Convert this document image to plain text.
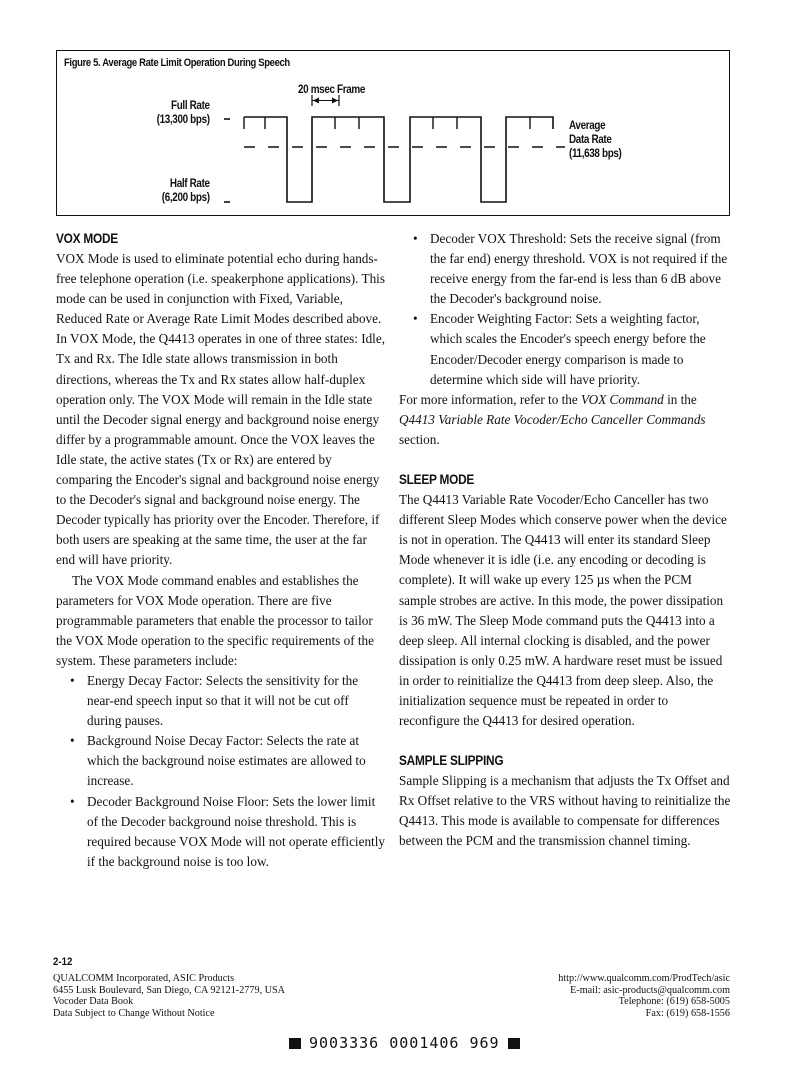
Figure 5. Average Rate Limit Operation During Speech
20 msec Frame
Full Rate
(13,300 bps)
Half Rate
(6,200 bps)
Average
Data Rate
(11,638 bps)
VOX MODE

VOX Mode is used to eliminate potential echo during hands-free telephone operation (i.e. speakerphone applications). This mode can be used in conjunction with Fixed, Variable, Reduced Rate or Average Rate Limit Modes described above. In VOX Mode, the Q4413 operates in one of three states: Idle, Tx and Rx. The Idle state allows transmission in both directions, whereas the Tx and Rx states allow half-duplex operation only. The VOX Mode will remain in the Idle state until the Decoder signal energy and background noise energy differ by a programmable amount. Once the VOX leaves the Idle state, the active states (Tx or Rx) are entered by comparing the Encoder's signal and background noise energy to the Decoder's signal and background noise energy. The Decoder typically has priority over the Encoder. Therefore, if both users are speaking at the same time, the user at the far end will have priority.

The VOX Mode command enables and establishes the parameters for VOX Mode operation. There are five programmable parameters that enable the processor to tailor the VOX Mode operation to the specific requirements of the system. These parameters include:

• Energy Decay Factor: Selects the sensitivity for the near-end speech input so that it will not be cut off during pauses.
• Background Noise Decay Factor: Selects the rate at which the background noise estimates are allowed to increase.
• Decoder Background Noise Floor: Sets the lower limit of the Decoder background noise threshold. This is required because VOX Mode will not operate efficiently if the background noise is too low.
• Decoder VOX Threshold: Sets the receive signal (from the far end) energy threshold. VOX is not required if the receive energy from the far-end is less than 6 dB above the Decoder's background noise.
• Encoder Weighting Factor: Sets a weighting factor, which scales the Encoder's speech energy before the Encoder/Decoder energy comparison is made to determine which side will have priority.

For more information, refer to the VOX Command in the Q4413 Variable Rate Vocoder/Echo Canceller Commands section.

SLEEP MODE

The Q4413 Variable Rate Vocoder/Echo Canceller has two different Sleep Modes which conserve power when the device is not in operation. The Q4413 will enter its standard Sleep Mode whenever it is idle (i.e. any encoding or decoding is complete). It will wake up every 125 µs when the PCM sample strobes are active. In this mode, the power dissipation is 36 mW. The Sleep Mode command puts the Q4413 into a deep sleep. All internal clocking is disabled, and the power dissipation is only 0.25 mW. A hardware reset must be issued in order to reinitialize the Q4413 from deep sleep. Also, the initialization sequence must be repeated in order to reconfigure the Q4413 for desired operation.

SAMPLE SLIPPING

Sample Slipping is a mechanism that adjusts the Tx Offset and Rx Offset relative to the VRS without having to reinitialize the Q4413. This mode is available to compensate for differences between the PCM and the transmission channel timing.

2-12
QUALCOMM Incorporated, ASIC Products
6455 Lusk Boulevard, San Diego, CA 92121-2779, USA
Vocoder Data Book
Data Subject to Change Without Notice
http://www.qualcomm.com/ProdTech/asic
E-mail: asic-products@qualcomm.com
Telephone: (619) 658-5005
Fax: (619) 658-1556
9003336 0001406 969
